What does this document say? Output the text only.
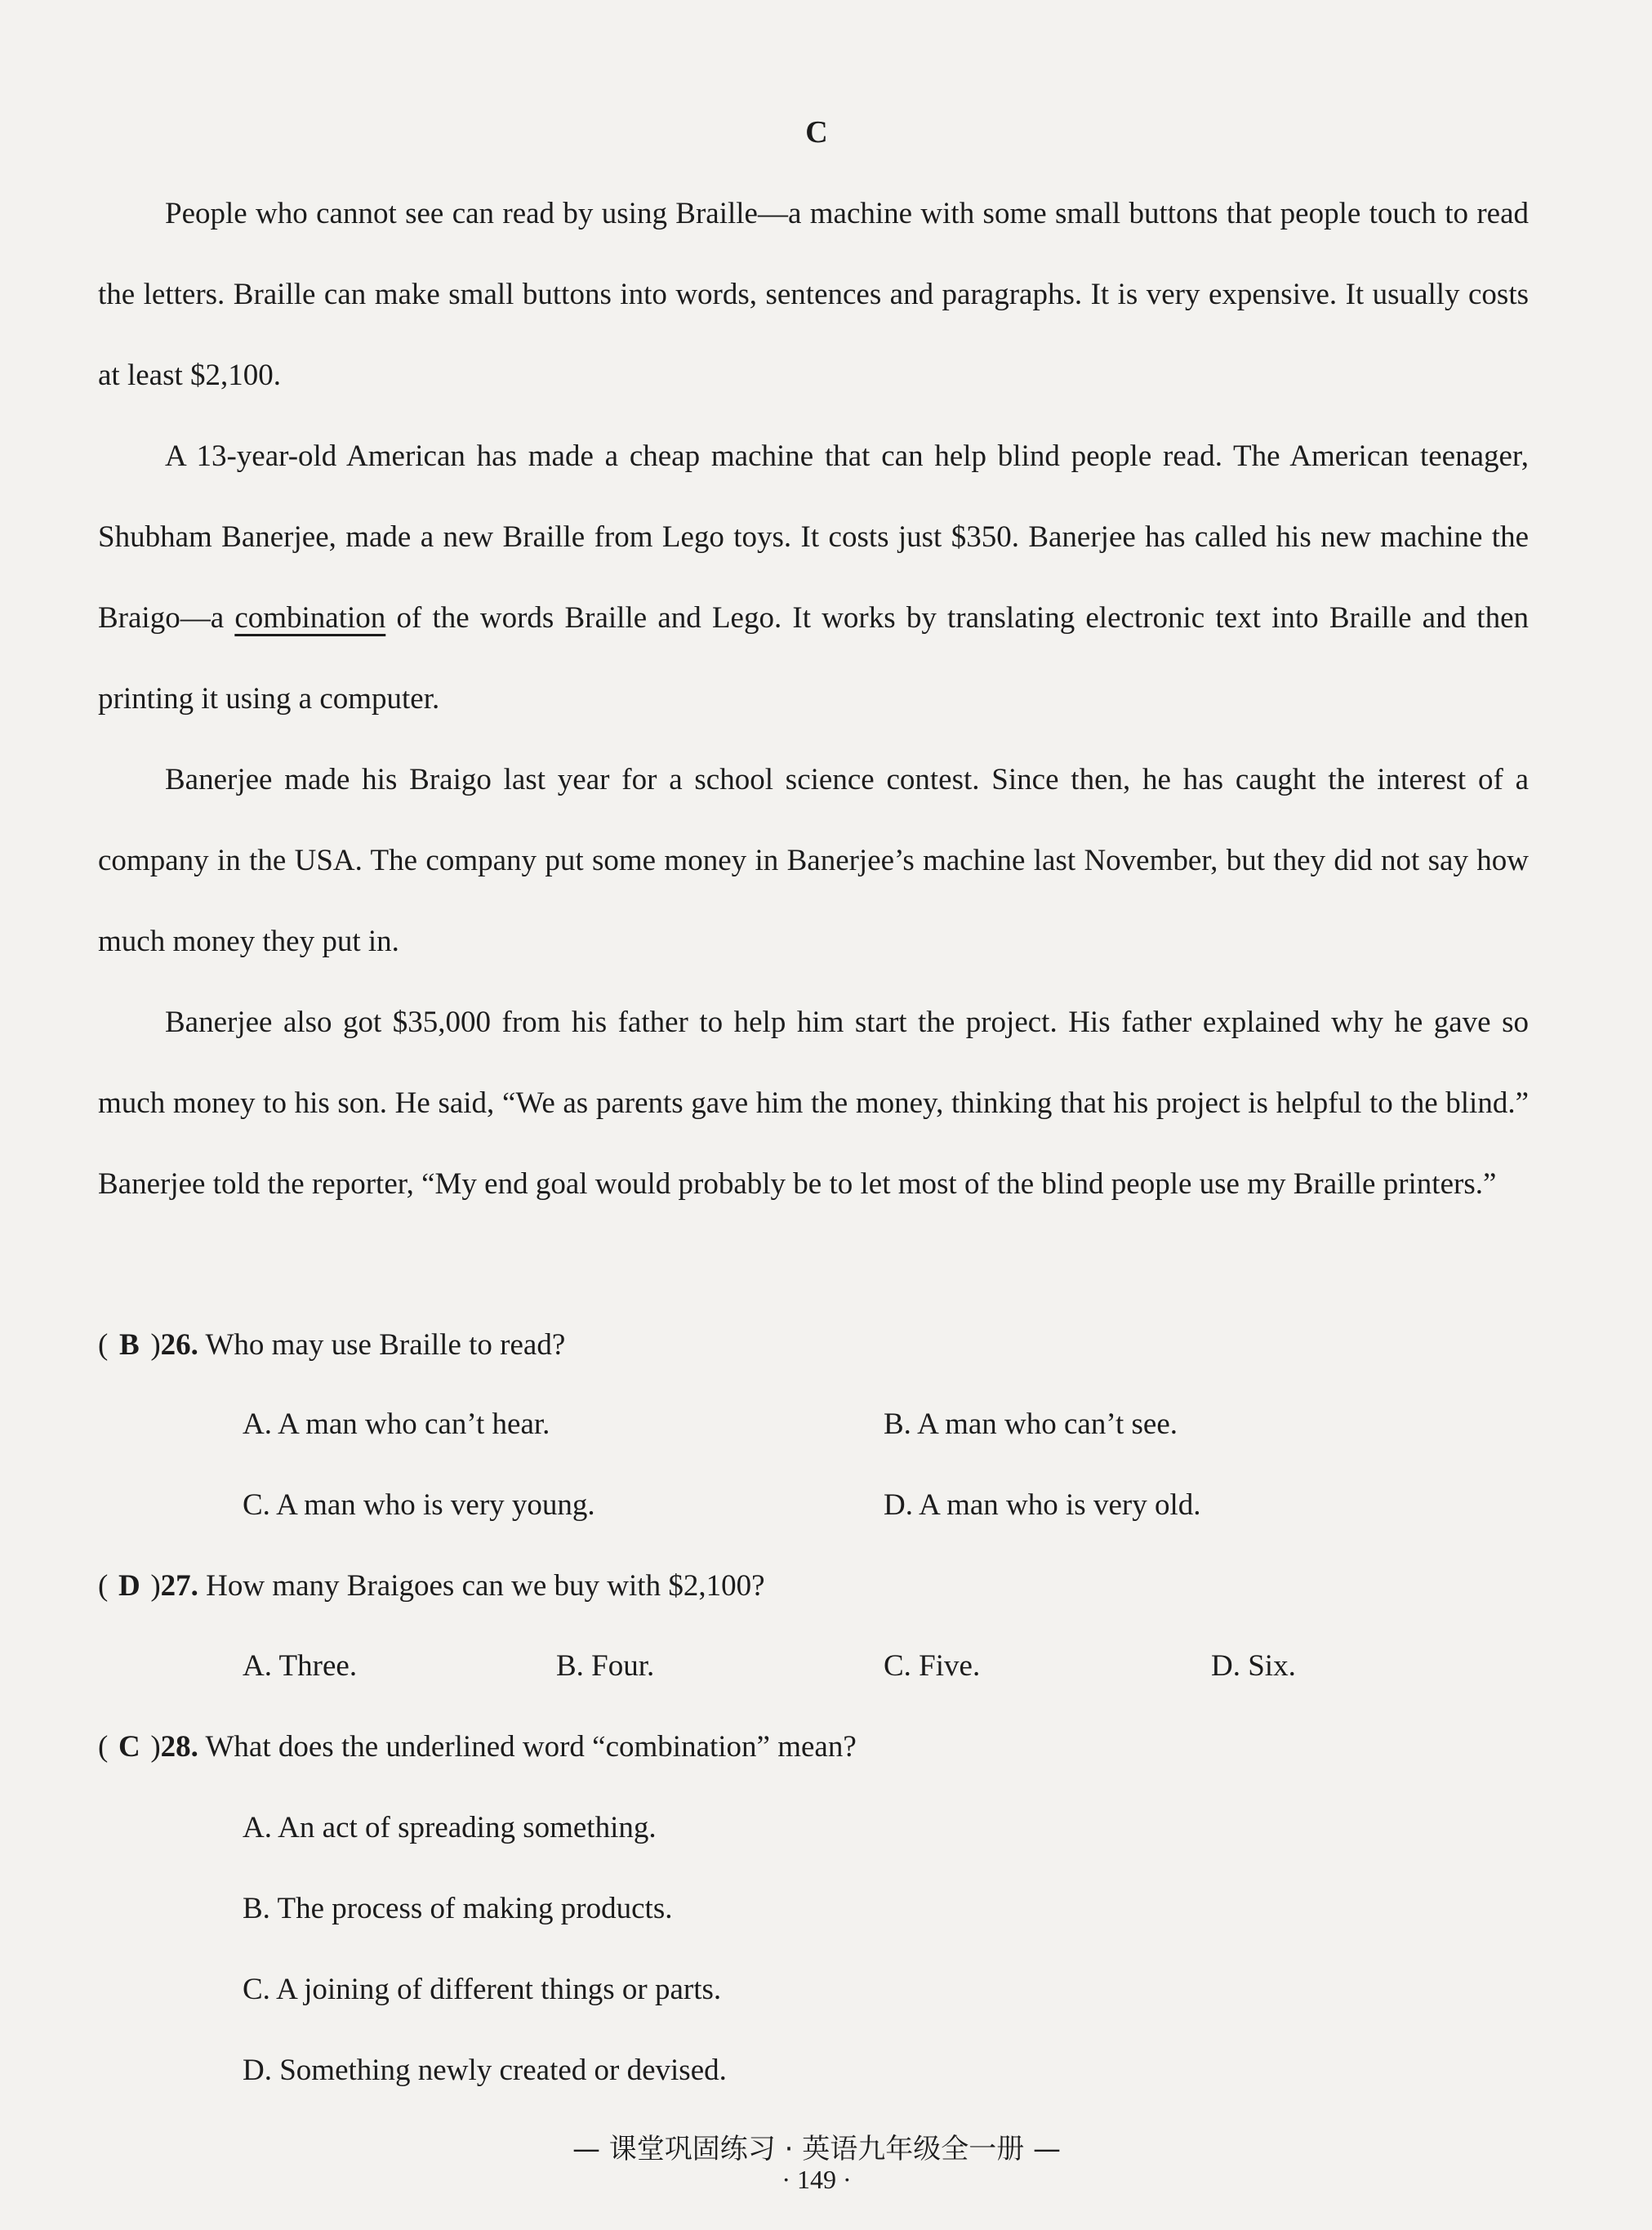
C

People who cannot see can read by using Braille—a machine with some small buttons that people touch to read the letters. Braille can make small buttons into words, sentences and paragraphs. It is very expensive. It usually costs at least $2,100.

A 13-year-old American has made a cheap machine that can help blind people read. The American teenager, Shubham Banerjee, made a new Braille from Lego toys. It costs just $350. Banerjee has called his new machine the Braigo—a combination of the words Braille and Lego. It works by translating electronic text into Braille and then printing it using a computer.

Banerjee made his Braigo last year for a school science contest. Since then, he has caught the interest of a company in the USA. The company put some money in Banerjee’s machine last November, but they did not say how much money they put in.

Banerjee also got $35,000 from his father to help him start the project. His father explained why he gave so much money to his son. He said, “We as parents gave him the money, thinking that his project is helpful to the blind.” Banerjee told the reporter, “My end goal would probably be to let most of the blind people use my Braille printers.”

( B )26. Who may use Braille to read?
A. A man who can’t hear.	B. A man who can’t see.
C. A man who is very young.	D. A man who is very old.
( D )27. How many Braigoes can we buy with $2,100?
A. Three.	B. Four.	C. Five.	D. Six.
( C )28. What does the underlined word “combination” mean?
A. An act of spreading something.
B. The process of making products.
C. A joining of different things or parts.
D. Something newly created or devised.
— 课堂巩固练习 · 英语九年级全一册 —
· 149 ·
